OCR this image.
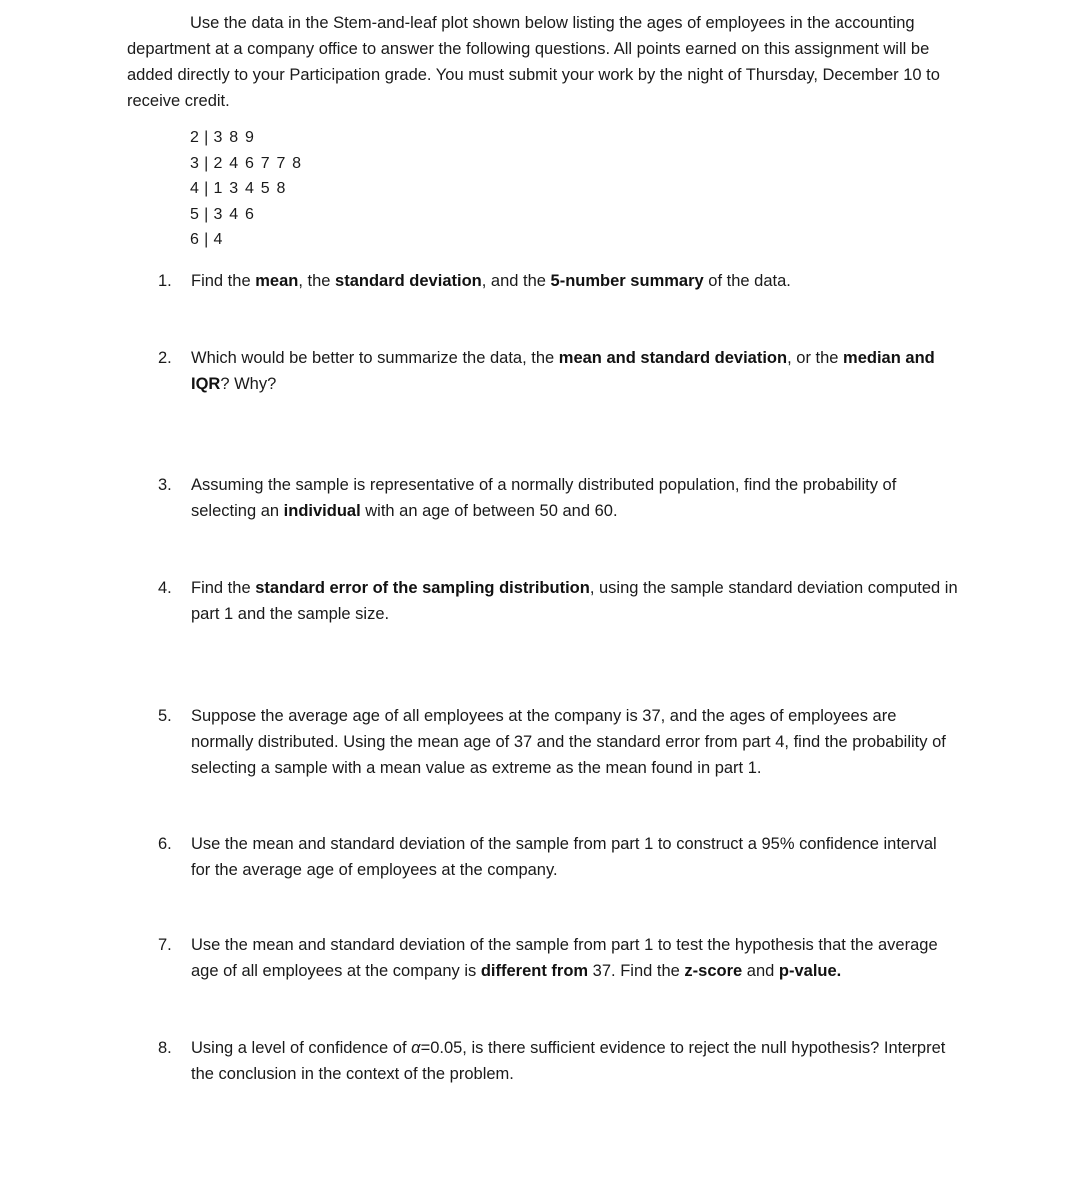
Use the data in the Stem-and-leaf plot shown below listing the ages of employees in the accounting department at a company office to answer the following questions. All points earned on this assignment will be added directly to your Participation grade. You must submit your work by the night of Thursday, December 10 to receive credit.

2 | 3 8 9
3 | 2 4 6 7 7 8
4 | 1 3 4 5 8
5 | 3 4 6
6 | 4
1.	Find the mean, the standard deviation, and the 5-number summary of the data.
2.	Which would be better to summarize the data, the mean and standard deviation, or the median and IQR? Why?
3.	Assuming the sample is representative of a normally distributed population, find the probability of selecting an individual with an age of between 50 and 60.
4.	Find the standard error of the sampling distribution, using the sample standard deviation computed in part 1 and the sample size.
5.	Suppose the average age of all employees at the company is 37, and the ages of employees are normally distributed. Using the mean age of 37 and the standard error from part 4, find the probability of selecting a sample with a mean value as extreme as the mean found in part 1.
6.	Use the mean and standard deviation of the sample from part 1 to construct a 95% confidence interval for the average age of employees at the company.
7.	Use the mean and standard deviation of the sample from part 1 to test the hypothesis that the average age of all employees at the company is different from 37. Find the z-score and p-value.
8.	Using a level of confidence of α=0.05, is there sufficient evidence to reject the null hypothesis? Interpret the conclusion in the context of the problem.
